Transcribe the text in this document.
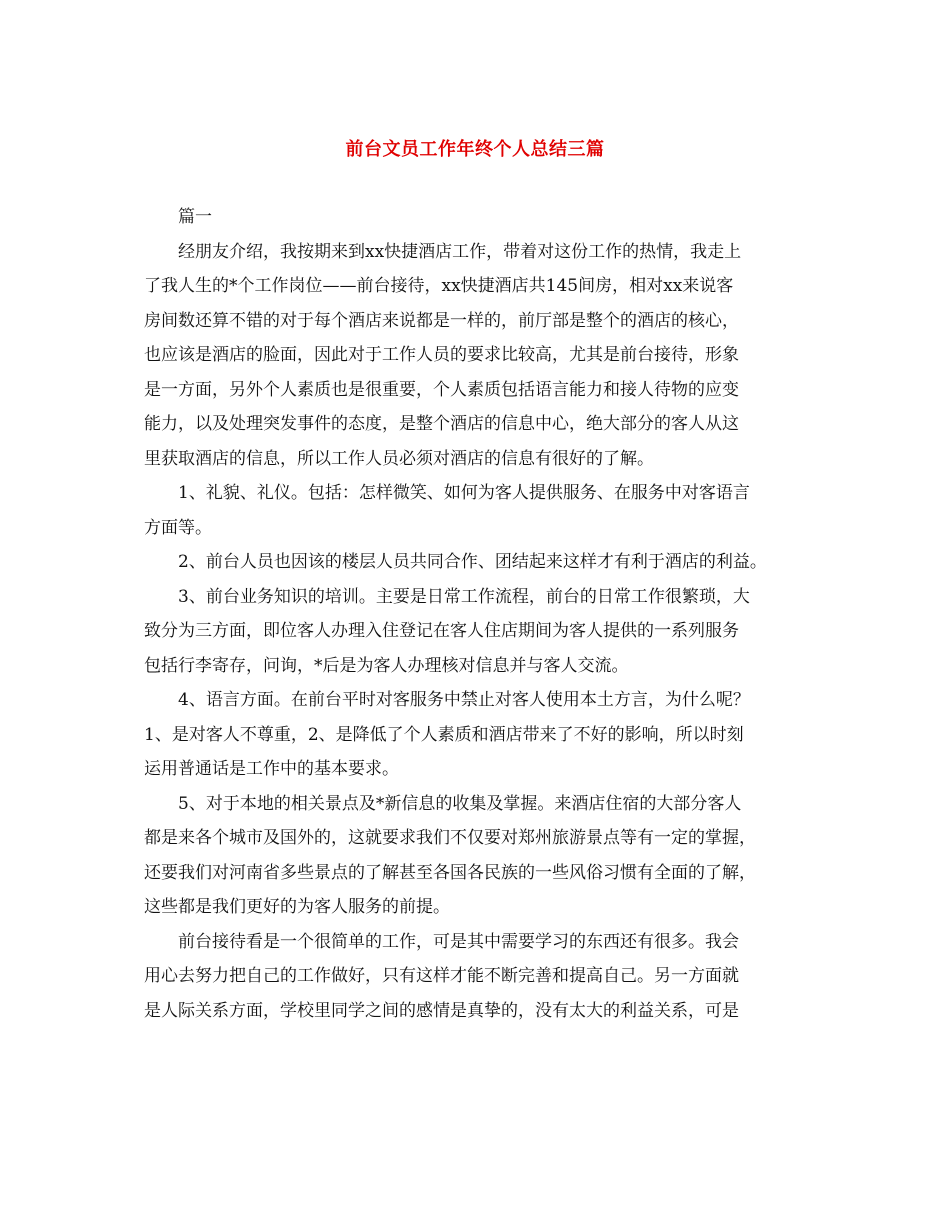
前台文员工作年终个人总结三篇
篇一
经朋友介绍，我按期来到xx快捷酒店工作，带着对这份工作的热情，我走上
了我人生的*个工作岗位——前台接待，xx快捷酒店共145间房，相对xx来说客
房间数还算不错的对于每个酒店来说都是一样的，前厅部是整个的酒店的核心，
也应该是酒店的脸面，因此对于工作人员的要求比较高，尤其是前台接待，形象
是一方面，另外个人素质也是很重要，个人素质包括语言能力和接人待物的应变
能力，以及处理突发事件的态度，是整个酒店的信息中心，绝大部分的客人从这
里获取酒店的信息，所以工作人员必须对酒店的信息有很好的了解。
1、礼貌、礼仪。包括：怎样微笑、如何为客人提供服务、在服务中对客语言
方面等。
2、前台人员也因该的楼层人员共同合作、团结起来这样才有利于酒店的利益。
3、前台业务知识的培训。主要是日常工作流程，前台的日常工作很繁琐，大
致分为三方面，即位客人办理入住登记在客人住店期间为客人提供的一系列服务
包括行李寄存，问询，*后是为客人办理核对信息并与客人交流。
4、语言方面。在前台平时对客服务中禁止对客人使用本土方言，为什么呢？
1、是对客人不尊重，2、是降低了个人素质和酒店带来了不好的影响，所以时刻
运用普通话是工作中的基本要求。
5、对于本地的相关景点及*新信息的收集及掌握。来酒店住宿的大部分客人
都是来各个城市及国外的，这就要求我们不仅要对郑州旅游景点等有一定的掌握，
还要我们对河南省多些景点的了解甚至各国各民族的一些风俗习惯有全面的了解，
这些都是我们更好的为客人服务的前提。
前台接待看是一个很简单的工作，可是其中需要学习的东西还有很多。我会
用心去努力把自己的工作做好，只有这样才能不断完善和提高自己。另一方面就
是人际关系方面，学校里同学之间的感情是真挚的，没有太大的利益关系，可是
